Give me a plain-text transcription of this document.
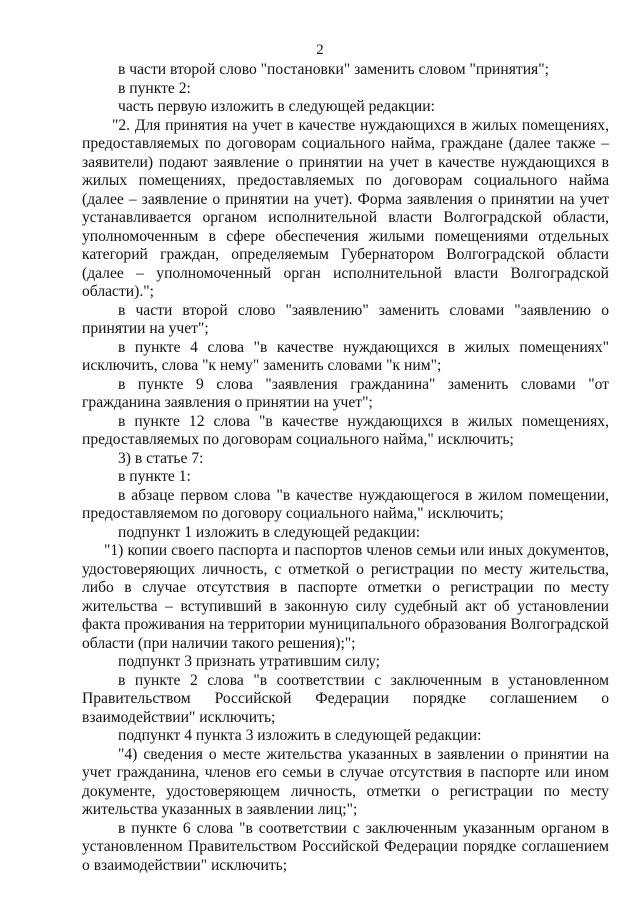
2

в части второй слово "постановки" заменить словом "принятия";

в пункте 2:

часть первую изложить в следующей редакции:

"2. Для принятия на учет в качестве нуждающихся в жилых помещениях, предоставляемых по договорам социального найма, граждане (далее также – заявители) подают заявление о принятии на учет в качестве нуждающихся в жилых помещениях, предоставляемых по договорам социального найма (далее – заявление о принятии на учет). Форма заявления о принятии на учет устанавливается органом исполнительной власти Волгоградской области, уполномоченным в сфере обеспечения жилыми помещениями отдельных категорий граждан, определяемым Губернатором Волгоградской области (далее – уполномоченный орган исполнительной власти Волгоградской области).";

в части второй слово "заявлению" заменить словами "заявлению о принятии на учет";

в пункте 4 слова "в качестве нуждающихся в жилых помещениях" исключить, слова "к нему" заменить словами "к ним";

в пункте 9 слова "заявления гражданина" заменить словами "от гражданина заявления о принятии на учет";

в пункте 12 слова "в качестве нуждающихся в жилых помещениях, предоставляемых по договорам социального найма," исключить;

3) в статье 7:

в пункте 1:

в абзаце первом слова "в качестве нуждающегося в жилом помещении, предоставляемом по договору социального найма," исключить;

подпункт 1 изложить в следующей редакции:

"1) копии своего паспорта и паспортов членов семьи или иных документов, удостоверяющих личность, с отметкой о регистрации по месту жительства, либо в случае отсутствия в паспорте отметки о регистрации по месту жительства – вступивший в законную силу судебный акт об установлении факта проживания на территории муниципального образования Волгоградской области (при наличии такого решения);";

подпункт 3 признать утратившим силу;

в пункте 2 слова "в соответствии с заключенным в установленном Правительством Российской Федерации порядке соглашением о взаимодействии" исключить;

подпункт 4 пункта 3 изложить в следующей редакции:

"4) сведения о месте жительства указанных в заявлении о принятии на учет гражданина, членов его семьи в случае отсутствия в паспорте или ином документе, удостоверяющем личность, отметки о регистрации по месту жительства указанных в заявлении лиц;";

в пункте 6 слова "в соответствии с заключенным указанным органом в установленном Правительством Российской Федерации порядке соглашением о взаимодействии" исключить;
